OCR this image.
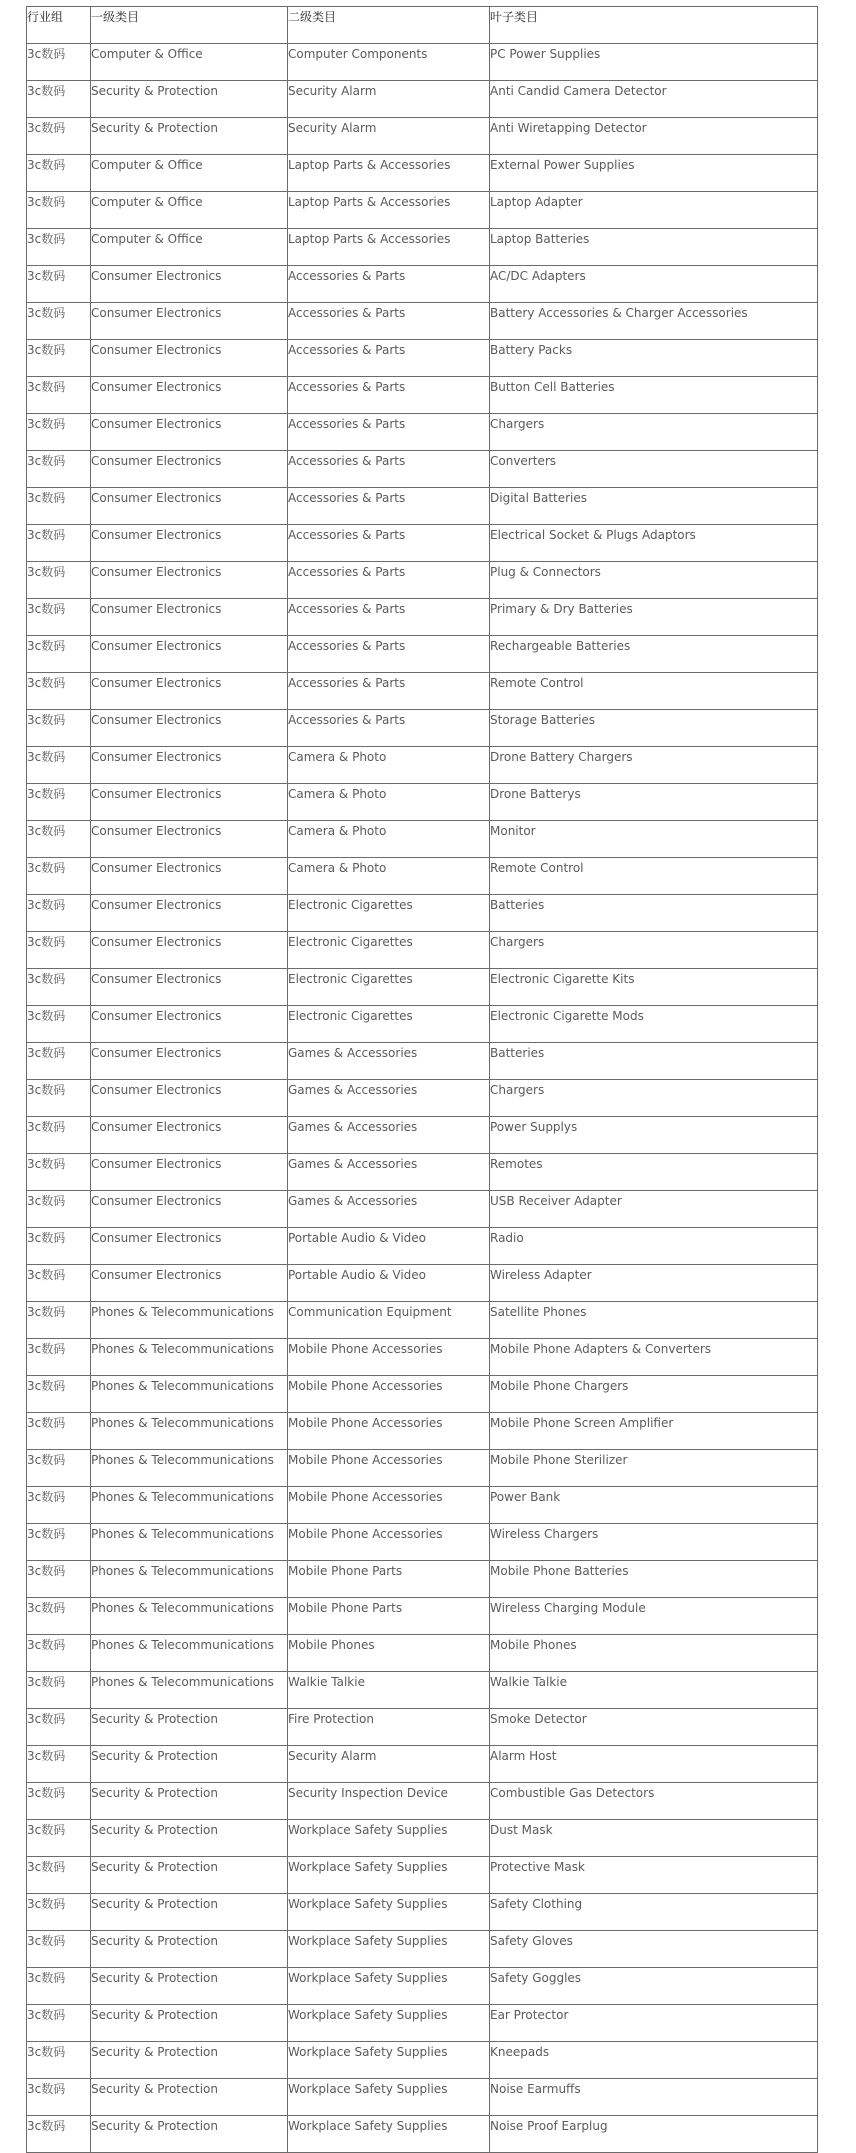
行业组	一级类目	二级类目	叶子类目

3c数码	Computer & Office	Computer Components	PC Power Supplies

3c数码	Security & Protection	Security Alarm	Anti Candid Camera Detector

3c数码	Security & Protection	Security Alarm	Anti Wiretapping Detector

3c数码	Computer & Office	Laptop Parts & Accessories	External Power Supplies

3c数码	Computer & Office	Laptop Parts & Accessories	Laptop Adapter

3c数码	Computer & Office	Laptop Parts & Accessories	Laptop Batteries

3c数码	Consumer Electronics	Accessories & Parts	AC/DC Adapters

3c数码	Consumer Electronics	Accessories & Parts	Battery Accessories & Charger Accessories

3c数码	Consumer Electronics	Accessories & Parts	Battery Packs

3c数码	Consumer Electronics	Accessories & Parts	Button Cell Batteries

3c数码	Consumer Electronics	Accessories & Parts	Chargers

3c数码	Consumer Electronics	Accessories & Parts	Converters

3c数码	Consumer Electronics	Accessories & Parts	Digital Batteries

3c数码	Consumer Electronics	Accessories & Parts	Electrical Socket & Plugs Adaptors

3c数码	Consumer Electronics	Accessories & Parts	Plug & Connectors

3c数码	Consumer Electronics	Accessories & Parts	Primary & Dry Batteries

3c数码	Consumer Electronics	Accessories & Parts	Rechargeable Batteries

3c数码	Consumer Electronics	Accessories & Parts	Remote Control

3c数码	Consumer Electronics	Accessories & Parts	Storage Batteries

3c数码	Consumer Electronics	Camera & Photo	Drone Battery Chargers

3c数码	Consumer Electronics	Camera & Photo	Drone Batterys

3c数码	Consumer Electronics	Camera & Photo	Monitor

3c数码	Consumer Electronics	Camera & Photo	Remote Control

3c数码	Consumer Electronics	Electronic Cigarettes	Batteries

3c数码	Consumer Electronics	Electronic Cigarettes	Chargers

3c数码	Consumer Electronics	Electronic Cigarettes	Electronic Cigarette Kits

3c数码	Consumer Electronics	Electronic Cigarettes	Electronic Cigarette Mods

3c数码	Consumer Electronics	Games & Accessories	Batteries

3c数码	Consumer Electronics	Games & Accessories	Chargers

3c数码	Consumer Electronics	Games & Accessories	Power Supplys

3c数码	Consumer Electronics	Games & Accessories	Remotes

3c数码	Consumer Electronics	Games & Accessories	USB Receiver Adapter

3c数码	Consumer Electronics	Portable Audio & Video	Radio

3c数码	Consumer Electronics	Portable Audio & Video	Wireless Adapter

3c数码	Phones & Telecommunications	Communication Equipment	Satellite Phones

3c数码	Phones & Telecommunications	Mobile Phone Accessories	Mobile Phone Adapters & Converters

3c数码	Phones & Telecommunications	Mobile Phone Accessories	Mobile Phone Chargers

3c数码	Phones & Telecommunications	Mobile Phone Accessories	Mobile Phone Screen Amplifier

3c数码	Phones & Telecommunications	Mobile Phone Accessories	Mobile Phone Sterilizer

3c数码	Phones & Telecommunications	Mobile Phone Accessories	Power Bank

3c数码	Phones & Telecommunications	Mobile Phone Accessories	Wireless Chargers

3c数码	Phones & Telecommunications	Mobile Phone Parts	Mobile Phone Batteries

3c数码	Phones & Telecommunications	Mobile Phone Parts	Wireless Charging Module

3c数码	Phones & Telecommunications	Mobile Phones	Mobile Phones

3c数码	Phones & Telecommunications	Walkie Talkie	Walkie Talkie

3c数码	Security & Protection	Fire Protection	Smoke Detector

3c数码	Security & Protection	Security Alarm	Alarm Host

3c数码	Security & Protection	Security Inspection Device	Combustible Gas Detectors

3c数码	Security & Protection	Workplace Safety Supplies	Dust Mask

3c数码	Security & Protection	Workplace Safety Supplies	Protective Mask

3c数码	Security & Protection	Workplace Safety Supplies	Safety Clothing

3c数码	Security & Protection	Workplace Safety Supplies	Safety Gloves

3c数码	Security & Protection	Workplace Safety Supplies	Safety Goggles

3c数码	Security & Protection	Workplace Safety Supplies	Ear Protector

3c数码	Security & Protection	Workplace Safety Supplies	Kneepads

3c数码	Security & Protection	Workplace Safety Supplies	Noise Earmuffs

3c数码	Security & Protection	Workplace Safety Supplies	Noise Proof Earplug
